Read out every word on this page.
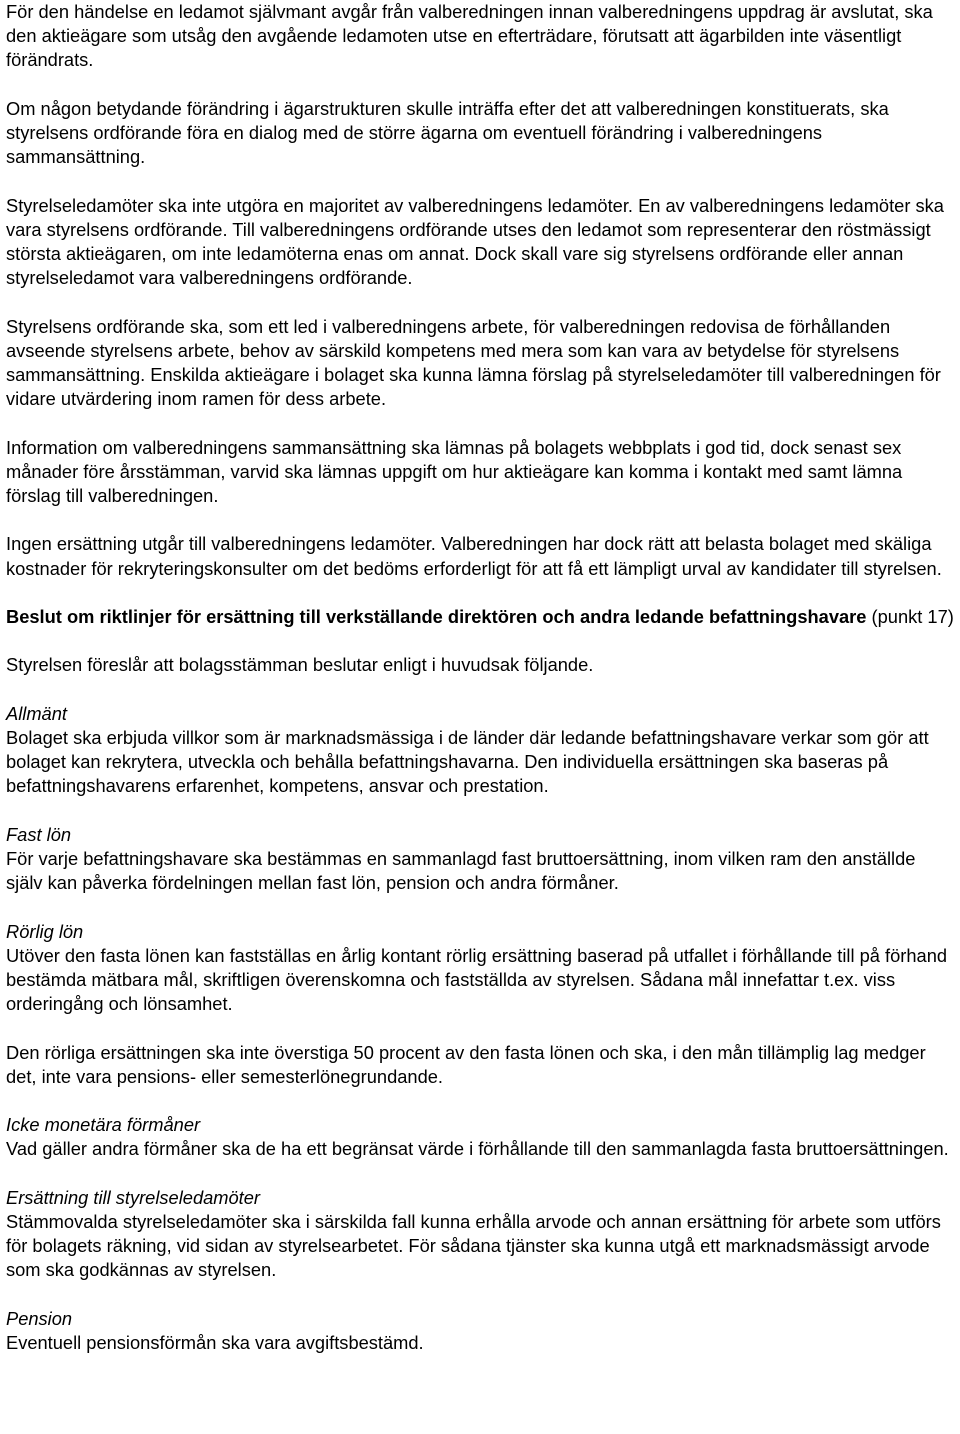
För den händelse en ledamot självmant avgår från valberedningen innan valberedningens uppdrag är avslutat, ska den aktieägare som utsåg den avgående ledamoten utse en efterträdare, förutsatt att ägarbilden inte väsentligt förändrats.

Om någon betydande förändring i ägarstrukturen skulle inträffa efter det att valberedningen konstituerats, ska styrelsens ordförande föra en dialog med de större ägarna om eventuell förändring i valberedningens sammansättning.

Styrelseledamöter ska inte utgöra en majoritet av valberedningens ledamöter. En av valberedningens ledamöter ska vara styrelsens ordförande. Till valberedningens ordförande utses den ledamot som representerar den röstmässigt största aktieägaren, om inte ledamöterna enas om annat. Dock skall vare sig styrelsens ordförande eller annan styrelseledamot vara valberedningens ordförande.

Styrelsens ordförande ska, som ett led i valberedningens arbete, för valberedningen redovisa de förhållanden avseende styrelsens arbete, behov av särskild kompetens med mera som kan vara av betydelse för styrelsens sammansättning. Enskilda aktieägare i bolaget ska kunna lämna förslag på styrelseledamöter till valberedningen för vidare utvärdering inom ramen för dess arbete.

Information om valberedningens sammansättning ska lämnas på bolagets webbplats i god tid, dock senast sex månader före årsstämman, varvid ska lämnas uppgift om hur aktieägare kan komma i kontakt med samt lämna förslag till valberedningen.

Ingen ersättning utgår till valberedningens ledamöter. Valberedningen har dock rätt att belasta bolaget med skäliga kostnader för rekryteringskonsulter om det bedöms erforderligt för att få ett lämpligt urval av kandidater till styrelsen.

Beslut om riktlinjer för ersättning till verkställande direktören och andra ledande befattningshavare (punkt 17)

Styrelsen föreslår att bolagsstämman beslutar enligt i huvudsak följande.

Allmänt

Bolaget ska erbjuda villkor som är marknadsmässiga i de länder där ledande befattningshavare verkar som gör att bolaget kan rekrytera, utveckla och behålla befattningshavarna. Den individuella ersättningen ska baseras på befattningshavarens erfarenhet, kompetens, ansvar och prestation.

Fast lön

För varje befattningshavare ska bestämmas en sammanlagd fast bruttoersättning, inom vilken ram den anställde själv kan påverka fördelningen mellan fast lön, pension och andra förmåner.

Rörlig lön

Utöver den fasta lönen kan fastställas en årlig kontant rörlig ersättning baserad på utfallet i förhållande till på förhand bestämda mätbara mål, skriftligen överenskomna och fastställda av styrelsen. Sådana mål innefattar t.ex. viss orderingång och lönsamhet.

Den rörliga ersättningen ska inte överstiga 50 procent av den fasta lönen och ska, i den mån tillämplig lag medger det, inte vara pensions- eller semesterlönegrundande.

Icke monetära förmåner

Vad gäller andra förmåner ska de ha ett begränsat värde i förhållande till den sammanlagda fasta bruttoersättningen.

Ersättning till styrelseledamöter

Stämmovalda styrelseledamöter ska i särskilda fall kunna erhålla arvode och annan ersättning för arbete som utförs för bolagets räkning, vid sidan av styrelsearbetet. För sådana tjänster ska kunna utgå ett marknadsmässigt arvode som ska godkännas av styrelsen.

Pension

Eventuell pensionsförmån ska vara avgiftsbestämd.
